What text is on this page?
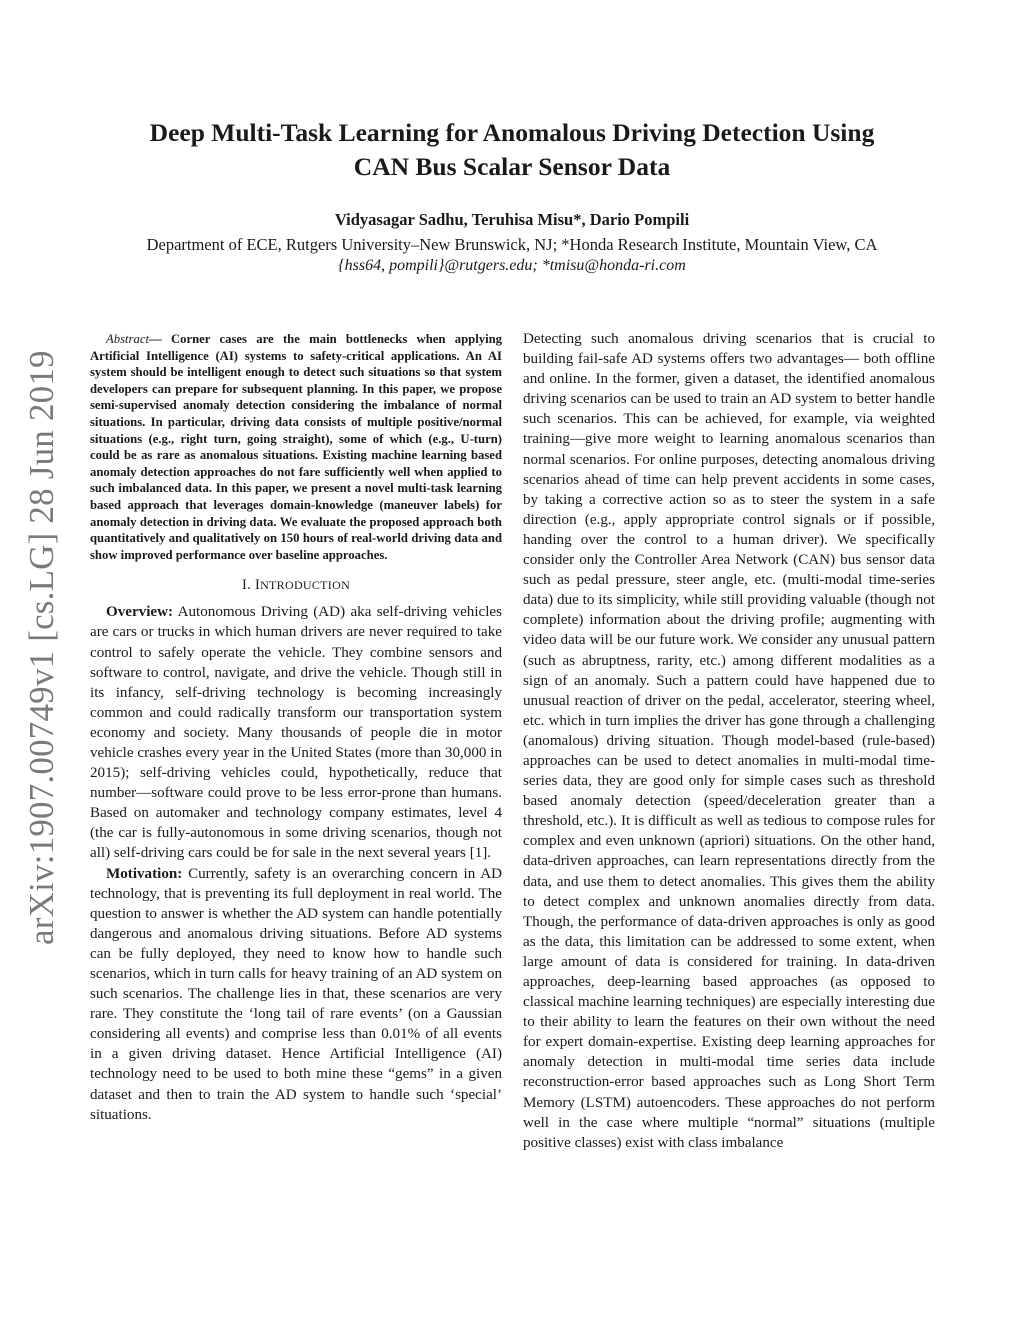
arXiv:1907.00749v1 [cs.LG] 28 Jun 2019
Deep Multi-Task Learning for Anomalous Driving Detection Using
CAN Bus Scalar Sensor Data
Vidyasagar Sadhu, Teruhisa Misu*, Dario Pompili
Department of ECE, Rutgers University–New Brunswick, NJ; *Honda Research Institute, Mountain View, CA
{hss64, pompili}@rutgers.edu; *tmisu@honda-ri.com

Abstract— Corner cases are the main bottlenecks when applying Artificial Intelligence (AI) systems to safety-critical applications. An AI system should be intelligent enough to detect such situations so that system developers can prepare for subsequent planning. In this paper, we propose semi-supervised anomaly detection considering the imbalance of normal situations. In particular, driving data consists of multiple positive/normal situations (e.g., right turn, going straight), some of which (e.g., U-turn) could be as rare as anomalous situations. Existing machine learning based anomaly detection approaches do not fare sufficiently well when applied to such imbalanced data. In this paper, we present a novel multi-task learning based approach that leverages domain-knowledge (maneuver labels) for anomaly detection in driving data. We evaluate the proposed approach both quantitatively and qualitatively on 150 hours of real-world driving data and show improved performance over baseline approaches.

I. INTRODUCTION

Overview: Autonomous Driving (AD) aka self-driving vehicles are cars or trucks in which human drivers are never required to take control to safely operate the vehicle. They combine sensors and software to control, navigate, and drive the vehicle. Though still in its infancy, self-driving technology is becoming increasingly common and could radically transform our transportation system economy and society. Many thousands of people die in motor vehicle crashes every year in the United States (more than 30,000 in 2015); self-driving vehicles could, hypothetically, reduce that number—software could prove to be less error-prone than humans. Based on automaker and technology company estimates, level 4 (the car is fully-autonomous in some driving scenarios, though not all) self-driving cars could be for sale in the next several years [1].

Motivation: Currently, safety is an overarching concern in AD technology, that is preventing its full deployment in real world. The question to answer is whether the AD system can handle potentially dangerous and anomalous driving situations. Before AD systems can be fully deployed, they need to know how to handle such scenarios, which in turn calls for heavy training of an AD system on such scenarios. The challenge lies in that, these scenarios are very rare. They constitute the ‘long tail of rare events’ (on a Gaussian considering all events) and comprise less than 0.01% of all events in a given driving dataset. Hence Artificial Intelligence (AI) technology need to be used to both mine these “gems” in a given dataset and then to train the AD system to handle such ‘special’ situations.

Detecting such anomalous driving scenarios that is crucial to building fail-safe AD systems offers two advantages— both offline and online. In the former, given a dataset, the identified anomalous driving scenarios can be used to train an AD system to better handle such scenarios. This can be achieved, for example, via weighted training—give more weight to learning anomalous scenarios than normal scenarios. For online purposes, detecting anomalous driving scenarios ahead of time can help prevent accidents in some cases, by taking a corrective action so as to steer the system in a safe direction (e.g., apply appropriate control signals or if possible, handing over the control to a human driver). We specifically consider only the Controller Area Network (CAN) bus sensor data such as pedal pressure, steer angle, etc. (multi-modal time-series data) due to its simplicity, while still providing valuable (though not complete) information about the driving profile; augmenting with video data will be our future work. We consider any unusual pattern (such as abruptness, rarity, etc.) among different modalities as a sign of an anomaly. Such a pattern could have happened due to unusual reaction of driver on the pedal, accelerator, steering wheel, etc. which in turn implies the driver has gone through a challenging (anomalous) driving situation. Though model-based (rule-based) approaches can be used to detect anomalies in multi-modal time-series data, they are good only for simple cases such as threshold based anomaly detection (speed/deceleration greater than a threshold, etc.). It is difficult as well as tedious to compose rules for complex and even unknown (apriori) situations. On the other hand, data-driven approaches, can learn representations directly from the data, and use them to detect anomalies. This gives them the ability to detect complex and unknown anomalies directly from data. Though, the performance of data-driven approaches is only as good as the data, this limitation can be addressed to some extent, when large amount of data is considered for training. In data-driven approaches, deep-learning based approaches (as opposed to classical machine learning techniques) are especially interesting due to their ability to learn the features on their own without the need for expert domain-expertise. Existing deep learning approaches for anomaly detection in multi-modal time series data include reconstruction-error based approaches such as Long Short Term Memory (LSTM) autoencoders. These approaches do not perform well in the case where multiple “normal” situations (multiple positive classes) exist with class imbalance
